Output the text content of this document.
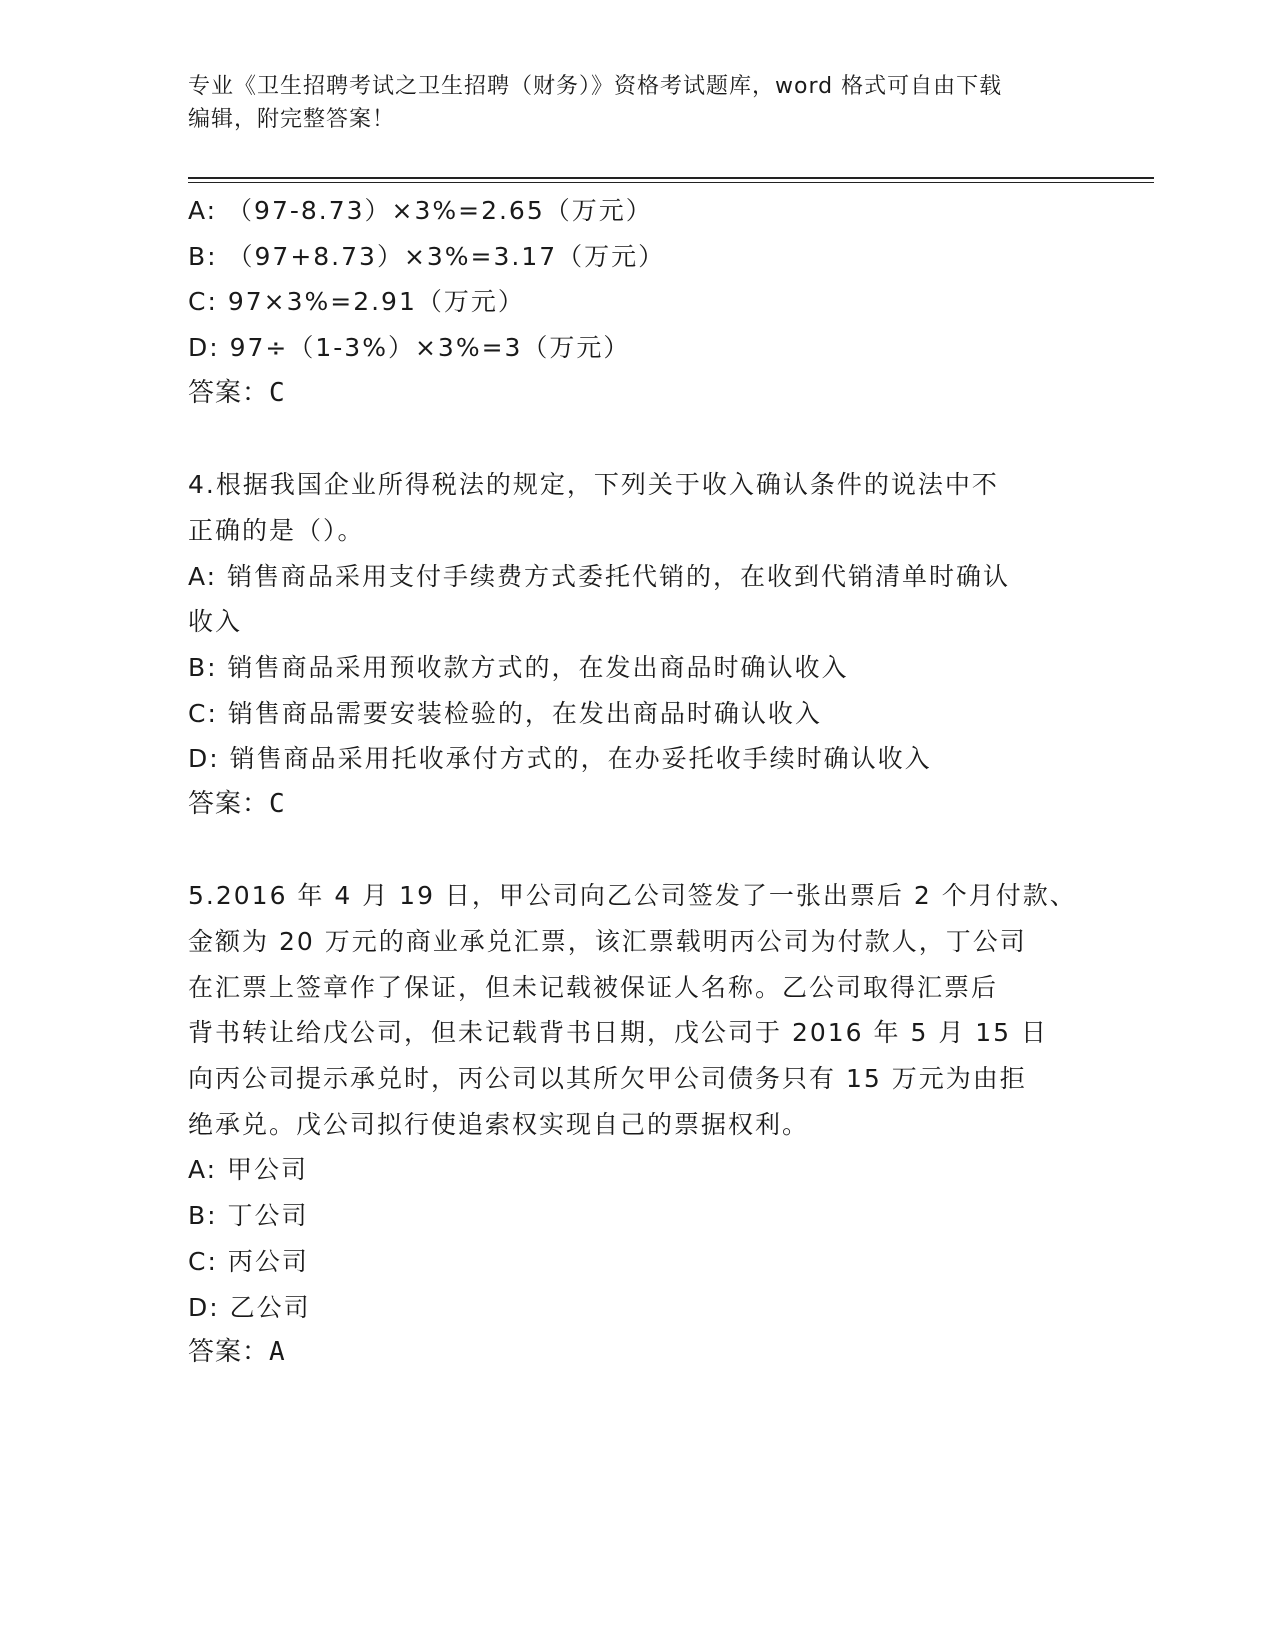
专业《卫生招聘考试之卫生招聘（财务）》资格考试题库，word 格式可自由下载
编辑，附完整答案！
A: （97-8.73）×3%=2.65（万元）
B: （97+8.73）×3%=3.17（万元）
C: 97×3%=2.91（万元）
D: 97÷（1-3%）×3%=3（万元）
答案：C
4.根据我国企业所得税法的规定，下列关于收入确认条件的说法中不
正确的是（）。
A: 销售商品采用支付手续费方式委托代销的，在收到代销清单时确认
收入
B: 销售商品采用预收款方式的，在发出商品时确认收入
C: 销售商品需要安装检验的，在发出商品时确认收入
D: 销售商品采用托收承付方式的，在办妥托收手续时确认收入
答案：C
5.2016 年 4 月 19 日，甲公司向乙公司签发了一张出票后 2 个月付款、
金额为 20 万元的商业承兑汇票，该汇票载明丙公司为付款人，丁公司
在汇票上签章作了保证，但未记载被保证人名称。乙公司取得汇票后
背书转让给戊公司，但未记载背书日期，戊公司于 2016 年 5 月 15 日
向丙公司提示承兑时，丙公司以其所欠甲公司债务只有 15 万元为由拒
绝承兑。戊公司拟行使追索权实现自己的票据权利。
A: 甲公司
B: 丁公司
C: 丙公司
D: 乙公司
答案：A
